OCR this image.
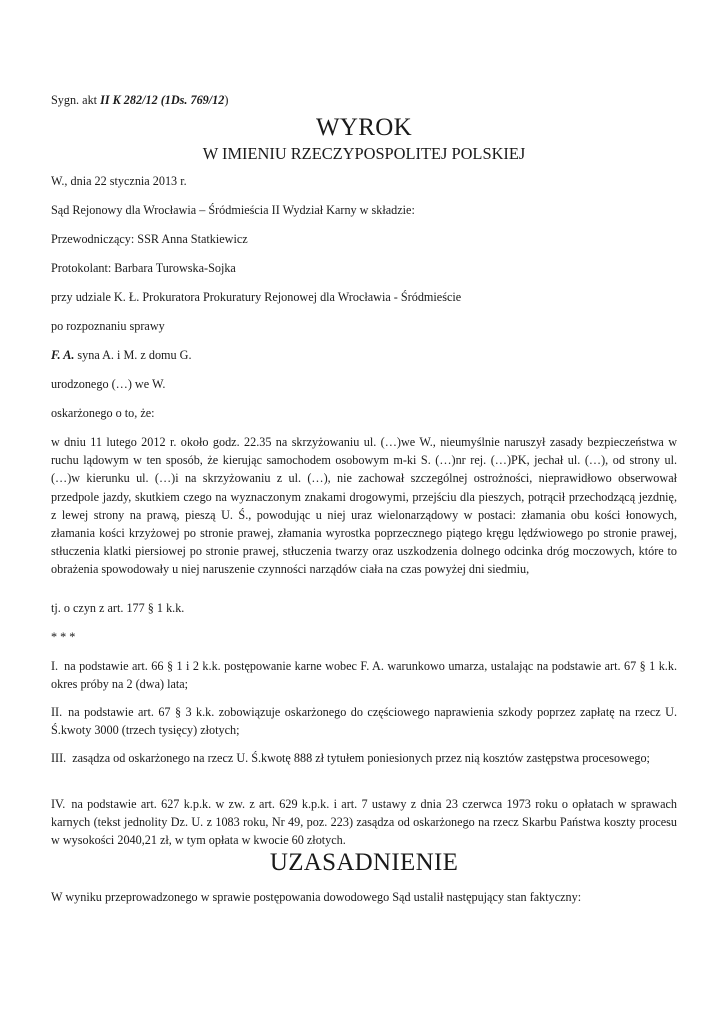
Sygn. akt II K 282/12 (1Ds. 769/12)
WYROK
W IMIENIU RZECZYPOSPOLITEJ POLSKIEJ
W., dnia 22 stycznia 2013 r.
Sąd Rejonowy dla Wrocławia – Śródmieścia II Wydział Karny w składzie:
Przewodniczący: SSR Anna Statkiewicz
Protokolant: Barbara Turowska-Sojka
przy udziale K. Ł. Prokuratora Prokuratury Rejonowej dla Wrocławia - Śródmieście
po rozpoznaniu sprawy
F. A. syna A. i M. z domu G.
urodzonego (…) we W.
oskarżonego o to, że:
w dniu 11 lutego 2012 r. około godz. 22.35 na skrzyżowaniu ul. (…)we W., nieumyślnie naruszył zasady bezpieczeństwa w ruchu lądowym w ten sposób, że kierując samochodem osobowym m-ki S. (…)nr rej. (…)PK, jechał ul. (…), od strony ul. (…)w kierunku ul. (…)i na skrzyżowaniu z ul. (…), nie zachował szczególnej ostrożności, nieprawidłowo obserwował przedpole jazdy, skutkiem czego na wyznaczonym znakami drogowymi, przejściu dla pieszych, potrącił przechodzącą jezdnię, z lewej strony na prawą, pieszą U. Ś., powodując u niej uraz wielonarządowy w postaci: złamania obu kości łonowych, złamania kości krzyżowej po stronie prawej, złamania wyrostka poprzecznego piątego kręgu lędźwiowego po stronie prawej, stłuczenia klatki piersiowej po stronie prawej, stłuczenia twarzy oraz uszkodzenia dolnego odcinka dróg moczowych, które to obrażenia spowodowały u niej naruszenie czynności narządów ciała na czas powyżej dni siedmiu,
tj. o czyn z art. 177 § 1 k.k.
* * *
I. na podstawie art. 66 § 1 i 2 k.k. postępowanie karne wobec F. A. warunkowo umarza, ustalając na podstawie art. 67 § 1 k.k. okres próby na 2 (dwa) lata;
II. na podstawie art. 67 § 3 k.k. zobowiązuje oskarżonego do częściowego naprawienia szkody poprzez zapłatę na rzecz U. Ś.kwoty 3000 (trzech tysięcy) złotych;
III. zasądza od oskarżonego na rzecz U. Ś.kwotę 888 zł tytułem poniesionych przez nią kosztów zastępstwa procesowego;
IV. na podstawie art. 627 k.p.k. w zw. z art. 629 k.p.k. i art. 7 ustawy z dnia 23 czerwca 1973 roku o opłatach w sprawach karnych (tekst jednolity Dz. U. z 1083 roku, Nr 49, poz. 223) zasądza od oskarżonego na rzecz Skarbu Państwa koszty procesu w wysokości 2040,21 zł, w tym opłata w kwocie 60 złotych.
UZASADNIENIE
W wyniku przeprowadzonego w sprawie postępowania dowodowego Sąd ustalił następujący stan faktyczny:
